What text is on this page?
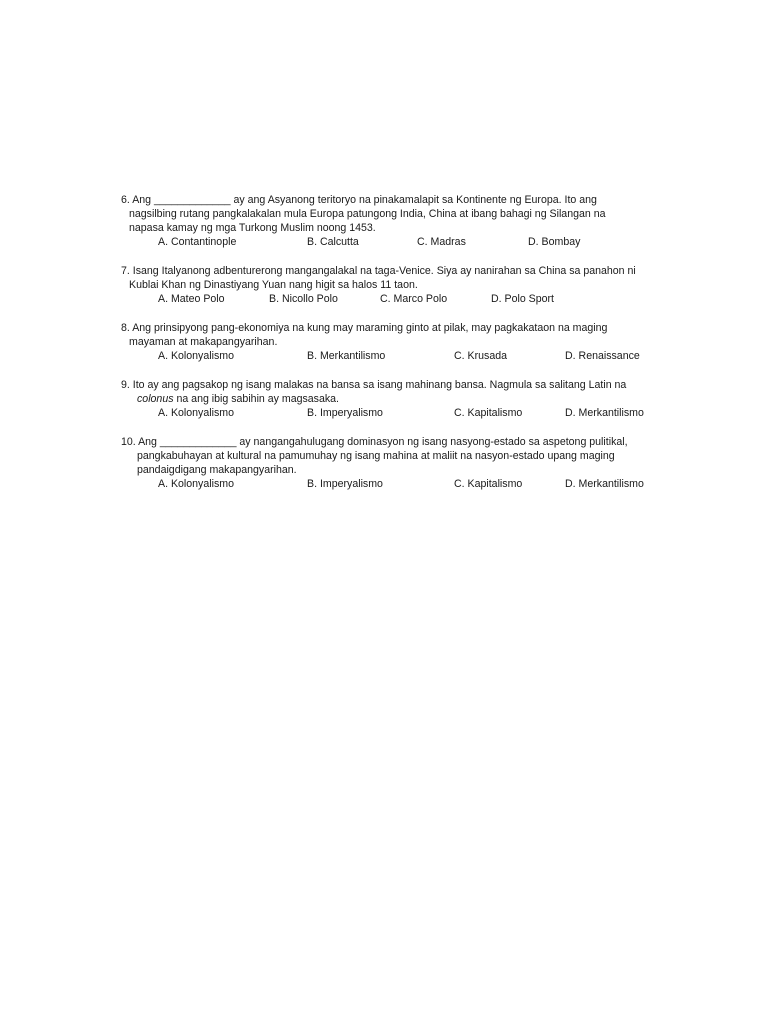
6. Ang _____________ ay ang Asyanong teritoryo na pinakamalapit sa Kontinente ng Europa. Ito ang
nagsilbing rutang pangkalakalan mula Europa patungong India, China at ibang bahagi ng Silangan na
napasa kamay ng mga Turkong Muslim noong 1453.
A. Contantinople	B. Calcutta	C. Madras	D. Bombay
7. Isang Italyanong adbenturerong mangangalakal na taga-Venice. Siya ay nanirahan sa China sa panahon ni
Kublai Khan ng Dinastiyang Yuan nang higit sa halos 11 taon.
A. Mateo Polo	B. Nicollo Polo	C. Marco Polo	D. Polo Sport
8. Ang prinsipyong pang-ekonomiya na kung may maraming ginto at pilak, may pagkakataon na maging
mayaman at makapangyarihan.
A. Kolonyalismo	B. Merkantilismo	C. Krusada	D. Renaissance
9. Ito ay ang pagsakop ng isang malakas na bansa sa isang mahinang bansa. Nagmula sa salitang Latin na
colonus na ang ibig sabihin ay magsasaka.
A. Kolonyalismo	B. Imperyalismo	C. Kapitalismo	D. Merkantilismo
10. Ang _____________ ay nangangahulugang dominasyon ng isang nasyong-estado sa aspetong pulitikal,
pangkabuhayan at kultural na pamumuhay ng isang mahina at maliit na nasyon-estado upang maging
pandaigdigang makapangyarihan.
A. Kolonyalismo	B. Imperyalismo	C. Kapitalismo	D. Merkantilismo
